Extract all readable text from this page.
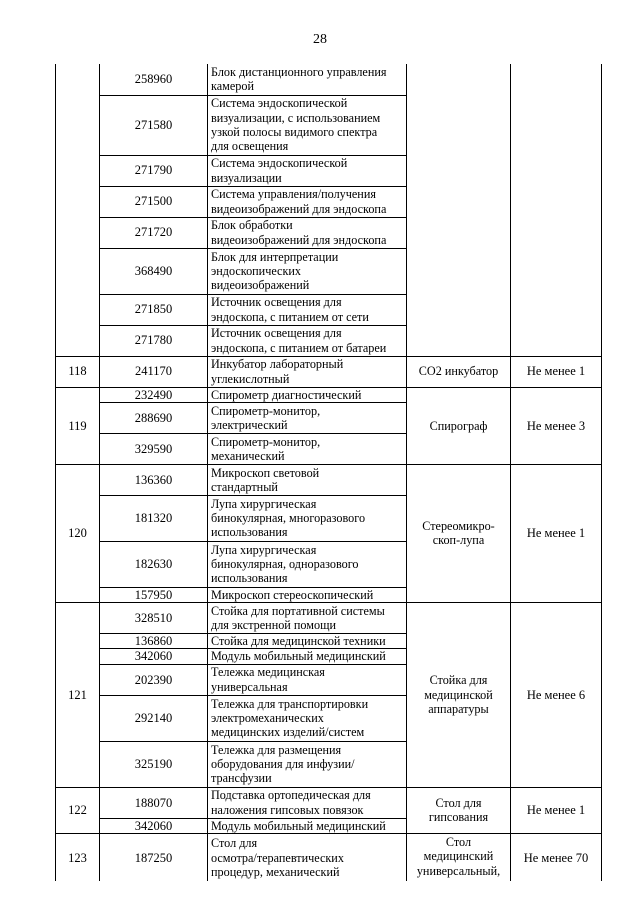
28
	258960	Блок дистанционного управления
камерой		
	271580	Система эндоскопической
визуализации, с использованием
узкой полосы видимого спектра
для освещения		
	271790	Система эндоскопической
визуализации		
	271500	Система управления/получения
видеоизображений для эндоскопа		
	271720	Блок обработки
видеоизображений для эндоскопа		
	368490	Блок для интерпретации
эндоскопических
видеоизображений		
	271850	Источник освещения для
эндоскопа, с питанием от сети		
	271780	Источник освещения для
эндоскопа, с питанием от батареи		
118	241170	Инкубатор лабораторный
углекислотный	СО2 инкубатор	Не менее 1
119	232490	Спирометр диагностический	Спирограф	Не менее 3
	288690	Спирометр-монитор,
электрический		
	329590	Спирометр-монитор,
механический		
120	136360	Микроскоп световой
стандартный	Стереомикро-
скоп-лупа	Не менее 1
	181320	Лупа хирургическая
бинокулярная, многоразового
использования		
	182630	Лупа хирургическая
бинокулярная, одноразового
использования		
	157950	Микроскоп стереоскопический		
121	328510	Стойка для портативной системы
для экстренной помощи	Стойка для
медицинской
аппаратуры	Не менее 6
	136860	Стойка для медицинской техники		
	342060	Модуль мобильный медицинский		
	202390	Тележка медицинская
универсальная		
	292140	Тележка для транспортировки
электромеханических
медицинских изделий/систем		
	325190	Тележка для размещения
оборудования для инфузии/
трансфузии		
122	188070	Подставка ортопедическая для
наложения гипсовых повязок	Стол для
гипсования	Не менее 1
	342060	Модуль мобильный медицинский		
123	187250	Стол для
осмотра/терапевтических
процедур, механический	Стол
медицинский
универсальный,	Не менее 70
